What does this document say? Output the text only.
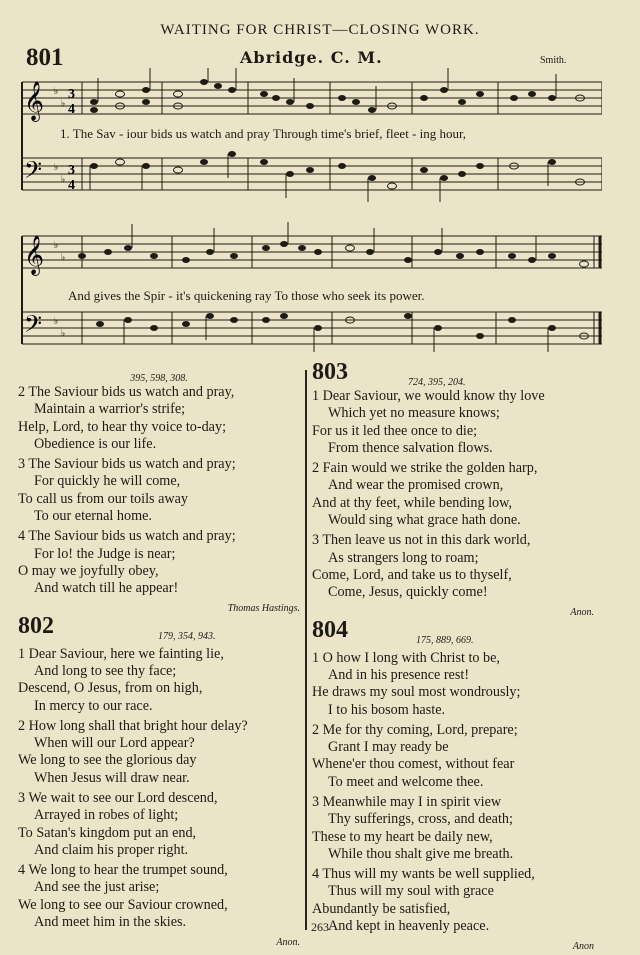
WAITING FOR CHRIST—CLOSING WORK.
801	Abridge. C. M.	Smith.
𝄞
𝄢
♭
♭
3
4
♭
♭
3
4
1. The Sav - iour bids us watch and pray Through time's brief, fleet - ing hour,
𝄞
𝄢
♭
♭
♭
♭
And gives the Spir - it's quickening ray To those who seek its power.
395, 598, 308.
2 The Saviour bids us watch and pray,
Maintain a warrior's strife;
Help, Lord, to hear thy voice to-day;
Obedience is our life.
3 The Saviour bids us watch and pray;
For quickly he will come,
To call us from our toils away
To our eternal home.
4 The Saviour bids us watch and pray;
For lo! the Judge is near;
O may we joyfully obey,
And watch till he appear!
Thomas Hastings.
802	179, 354, 943.
1 Dear Saviour, here we fainting lie,
And long to see thy face;
Descend, O Jesus, from on high,
In mercy to our race.
2 How long shall that bright hour delay?
When will our Lord appear?
We long to see the glorious day
When Jesus will draw near.
3 We wait to see our Lord descend,
Arrayed in robes of light;
To Satan's kingdom put an end,
And claim his proper right.
4 We long to hear the trumpet sound,
And see the just arise;
We long to see our Saviour crowned,
And meet him in the skies.
Anon.
803	724, 395, 204.
1 Dear Saviour, we would know thy love
Which yet no measure knows;
For us it led thee once to die;
From thence salvation flows.
2 Fain would we strike the golden harp,
And wear the promised crown,
And at thy feet, while bending low,
Would sing what grace hath done.
3 Then leave us not in this dark world,
As strangers long to roam;
Come, Lord, and take us to thyself,
Come, Jesus, quickly come!
Anon.
804	175, 889, 669.
1 O how I long with Christ to be,
And in his presence rest!
He draws my soul most wondrously;
I to his bosom haste.
2 Me for thy coming, Lord, prepare;
Grant I may ready be
Whene'er thou comest, without fear
To meet and welcome thee.
3 Meanwhile may I in spirit view
Thy sufferings, cross, and death;
These to my heart be daily new,
While thou shalt give me breath.
4 Thus will my wants be well supplied,
Thus will my soul with grace
Abundantly be satisfied,
And kept in heavenly peace.
Anon
263
